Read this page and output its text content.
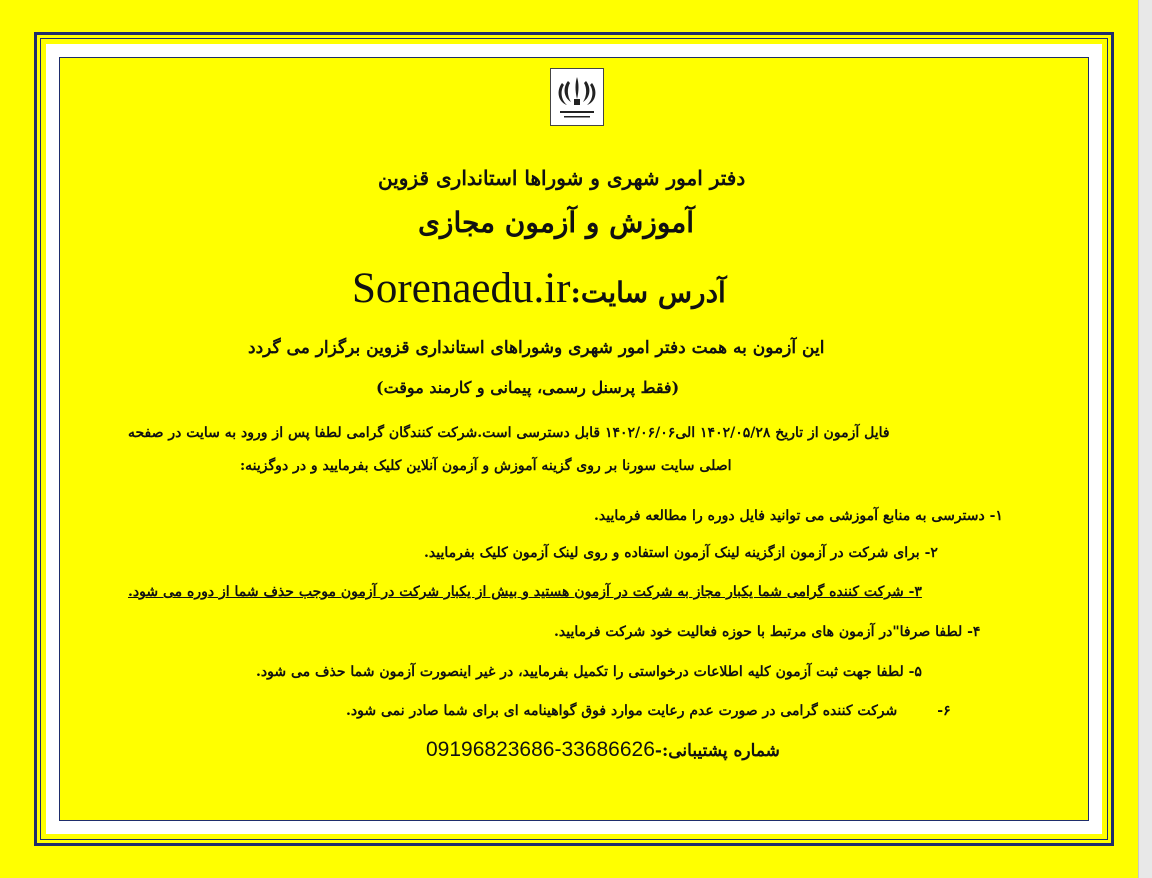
دفتر امور شهری و شوراها استانداری قزوین
آموزش و آزمون مجازی
Sorenaedu.irآدرس سایت:
این آزمون به همت دفتر امور شهری وشوراهای استانداری قزوین برگزار می گردد
(فقط پرسنل رسمی، پیمانی و کارمند موقت)
فایل آزمون از تاریخ ۱۴۰۲/۰۵/۲۸ الی۱۴۰۲/۰۶/۰۶ قابل دسترسی است.شرکت کنندگان گرامی لطفا پس از ورود به سایت در صفحه
اصلی سایت سورنا بر روی گزینه آموزش و آزمون آنلاین کلیک بفرمایید و در دوگزینه:
۱- دسترسی به منابع آموزشی می توانید فایل دوره را مطالعه فرمایید.
۲- برای شرکت در آزمون ازگزینه لینک آزمون استفاده و روی لینک آزمون کلیک بفرمایید.
۳- شرکت کننده گرامی شما یکبار مجاز به شرکت در آزمون هستید و بیش از یکبار شرکت در آزمون موجب حذف شما از دوره می شود.
۴- لطفا صرفا"در آزمون های مرتبط با حوزه فعالیت خود شرکت فرمایید.
۵- لطفا جهت ثبت آزمون کلیه اطلاعات درخواستی را تکمیل بفرمایید، در غیر اینصورت آزمون شما حذف می شود.
۶-شرکت کننده گرامی در صورت عدم رعایت موارد فوق گواهینامه ای برای شما صادر نمی شود.
09196823686-33686626شماره پشتیبانی:-
